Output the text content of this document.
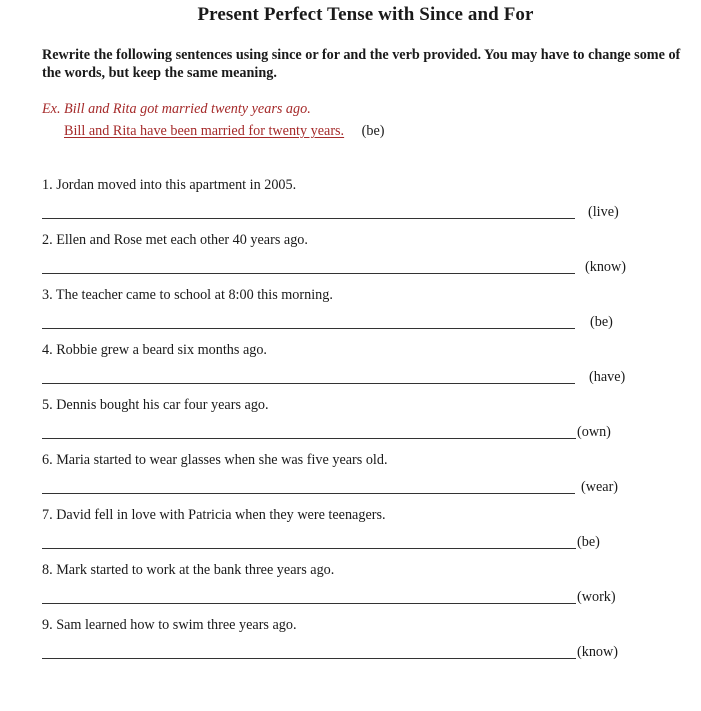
Present Perfect Tense with Since and For
Rewrite the following sentences using since or for and the verb provided. You may have to change some of the words, but keep the same meaning.
Ex. Bill and Rita got married twenty years ago.
Bill and Rita have been married for twenty years. (be)
1. Jordan moved into this apartment in 2005.
(live)
2. Ellen and Rose met each other 40 years ago.
(know)
3. The teacher came to school at 8:00 this morning.
(be)
4. Robbie grew a beard six months ago.
(have)
5. Dennis bought his car four years ago.
(own)
6. Maria started to wear glasses when she was five years old.
(wear)
7. David fell in love with Patricia when they were teenagers.
(be)
8. Mark started to work at the bank three years ago.
(work)
9. Sam learned how to swim three years ago.
(know)
